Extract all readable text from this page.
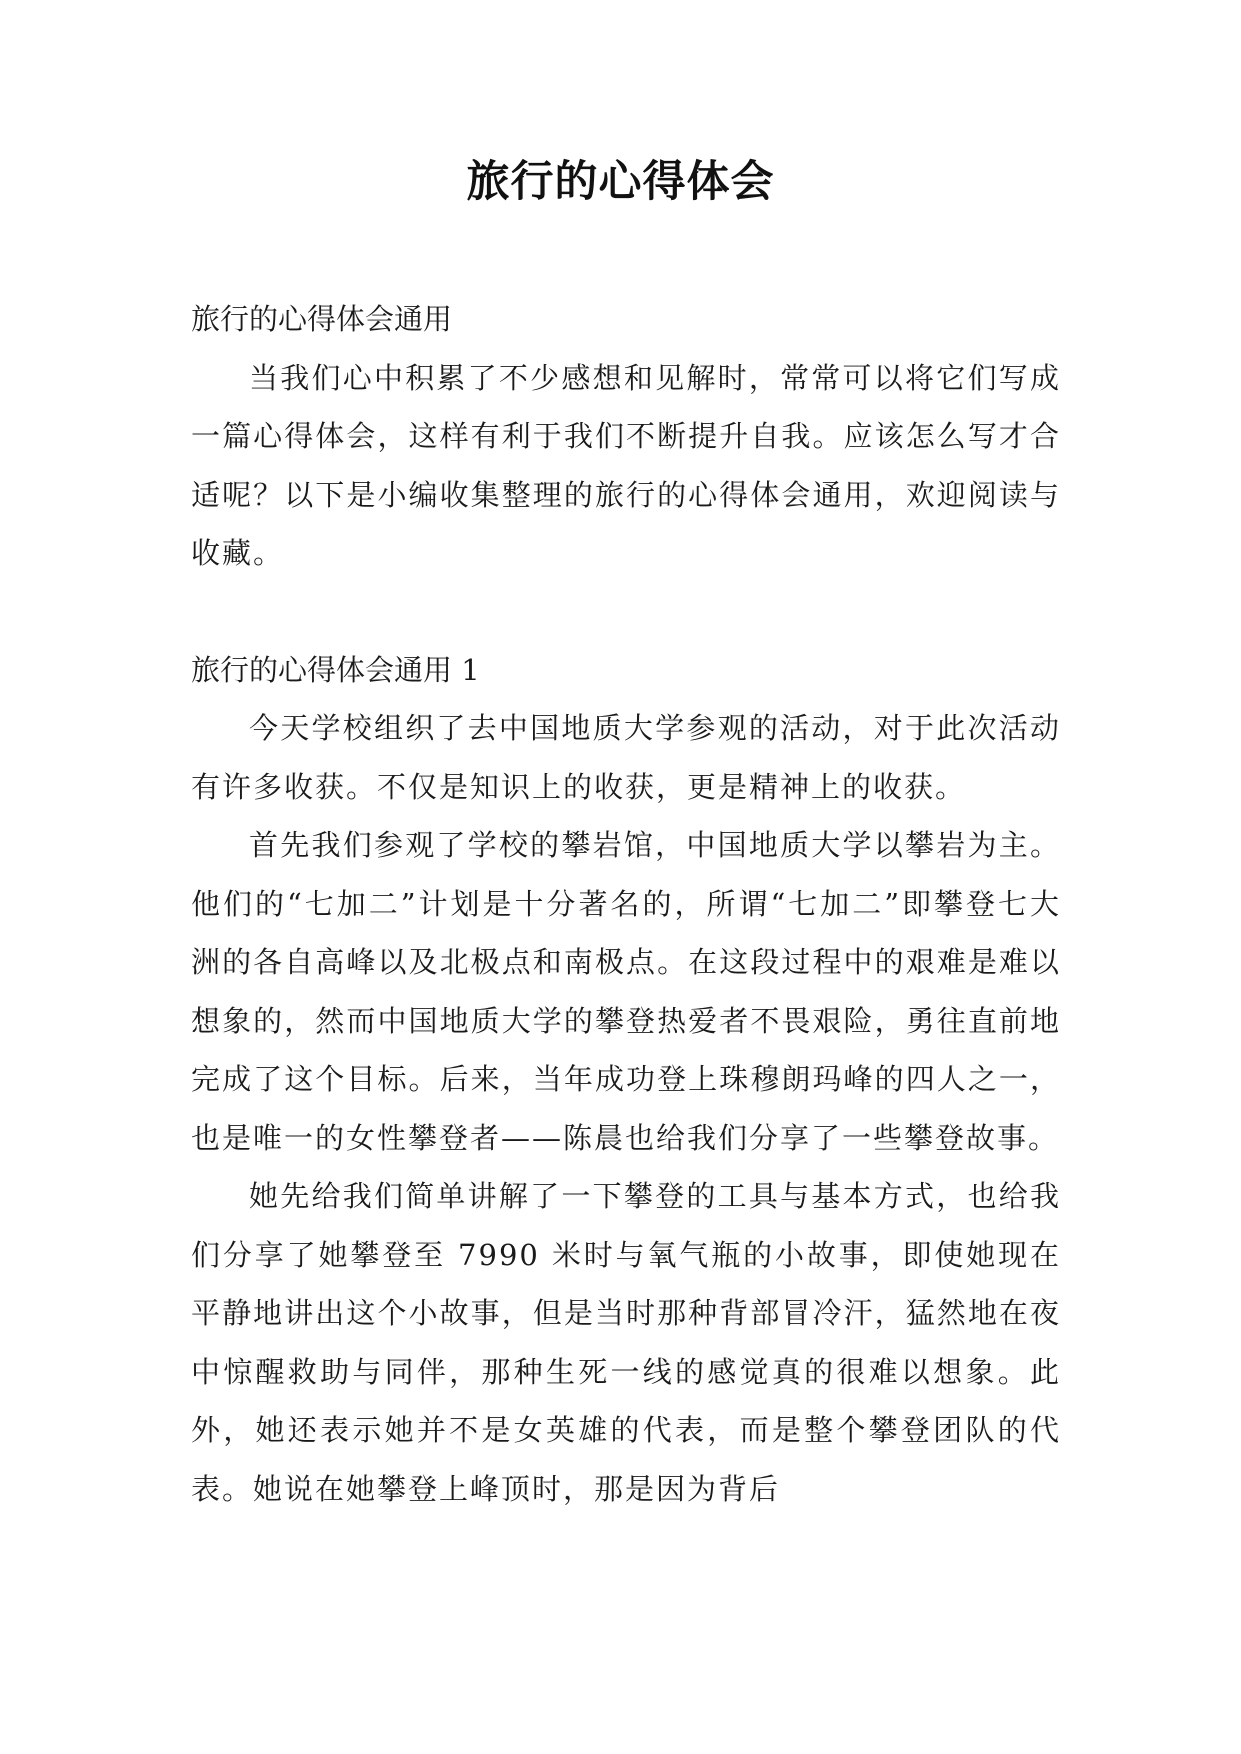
旅行的心得体会

旅行的心得体会通用

当我们心中积累了不少感想和见解时，常常可以将它们写成一篇心得体会，这样有利于我们不断提升自我。应该怎么写才合适呢？以下是小编收集整理的旅行的心得体会通用，欢迎阅读与收藏。

旅行的心得体会通用 1

今天学校组织了去中国地质大学参观的活动，对于此次活动有许多收获。不仅是知识上的收获，更是精神上的收获。

首先我们参观了学校的攀岩馆，中国地质大学以攀岩为主。他们的“七加二”计划是十分著名的，所谓“七加二”即攀登七大洲的各自高峰以及北极点和南极点。在这段过程中的艰难是难以想象的，然而中国地质大学的攀登热爱者不畏艰险，勇往直前地完成了这个目标。后来，当年成功登上珠穆朗玛峰的四人之一，也是唯一的女性攀登者——陈晨也给我们分享了一些攀登故事。

她先给我们简单讲解了一下攀登的工具与基本方式，也给我们分享了她攀登至 7990 米时与氧气瓶的小故事，即使她现在平静地讲出这个小故事，但是当时那种背部冒冷汗，猛然地在夜中惊醒救助与同伴，那种生死一线的感觉真的很难以想象。此外，她还表示她并不是女英雄的代表，而是整个攀登团队的代表。她说在她攀登上峰顶时，那是因为背后
